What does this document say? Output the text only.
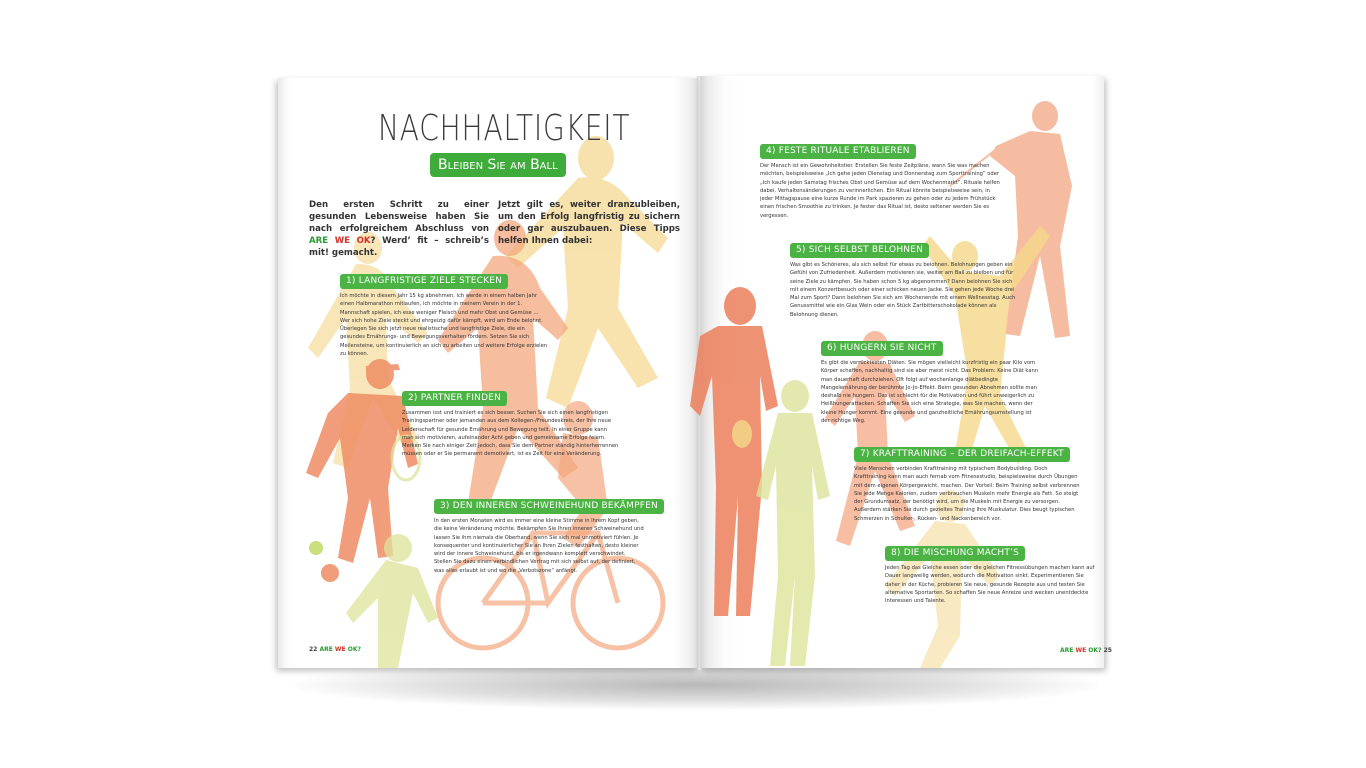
NACHHALTIGKEIT
Bleiben Sie am Ball
Den ersten Schritt zu einer gesunden Lebensweise haben Sie nach erfolgreichem Abschluss von ARE WE OK? Werd’ fit – schreib’s mit! gemacht.
Jetzt gilt es, weiter dranzubleiben, um den Erfolg langfristig zu sichern oder gar auszubauen. Diese Tipps helfen Ihnen dabei:
1) LANGFRISTIGE ZIELE STECKEN
Ich möchte in diesem Jahr 15 kg abnehmen, ich werde in einem halben Jahr einen Halbmarathon mitlaufen, ich möchte in meinem Verein in der 1. Mannschaft spielen, ich esse weniger Fleisch und mehr Obst und Gemüse … Wer sich hohe Ziele steckt und ehrgeizig dafür kämpft, wird am Ende belohnt. Überlegen Sie sich jetzt neue realistische und langfristige Ziele, die ein gesundes Ernährungs- und Bewegungsverhalten fördern. Setzen Sie sich Meilensteine, um kontinuierlich an sich zu arbeiten und weitere Erfolge erzielen zu können.
2) PARTNER FINDEN
Zusammen isst und trainiert es sich besser. Suchen Sie sich einen langfristigen Trainingspartner oder jemanden aus dem Kollegen-/Freundeskreis, der Ihre neue Leidenschaft für gesunde Ernährung und Bewegung teilt. In einer Gruppe kann man sich motivieren, aufeinander Acht geben und gemeinsame Erfolge feiern. Merken Sie nach einiger Zeit jedoch, dass Sie dem Partner ständig hinterherrennen müssen oder er Sie permanent demotiviert, ist es Zeit für eine Veränderung.
3) DEN INNEREN SCHWEINEHUND BEKÄMPFEN
In den ersten Monaten wird es immer eine kleine Stimme in Ihrem Kopf geben, die keine Veränderung möchte. Bekämpfen Sie Ihren inneren Schweinehund und lassen Sie ihm niemals die Oberhand, wenn Sie sich mal unmotiviert fühlen. Je konsequenter und kontinuierlicher Sie an Ihren Zielen festhalten, desto kleiner wird der innere Schweinehund, bis er irgendwann komplett verschwindet. Stellen Sie dazu einen verbindlichen Vertrag mit sich selbst auf, der definiert, was alles erlaubt ist und wo die „Verbotszone“ anfängt.
22 ARE WE OK?
4) FESTE RITUALE ETABLIEREN
Der Mensch ist ein Gewohnheitstier. Erstellen Sie feste Zeitpläne, wann Sie was machen möchten, beispielsweise „Ich gehe jeden Dienstag und Donnerstag zum Sporttraining“ oder „Ich kaufe jeden Samstag frisches Obst und Gemüse auf dem Wochenmarkt“. Rituale helfen dabei, Verhaltensänderungen zu verinnerlichen. Ein Ritual könnte beispielsweise sein, in jeder Mittagspause eine kurze Runde im Park spazieren zu gehen oder zu jedem Frühstück einen frischen Smoothie zu trinken. Je fester das Ritual ist, desto seltener werden Sie es vergessen.
5) SICH SELBST BELOHNEN
Was gibt es Schöneres, als sich selbst für etwas zu belohnen. Belohnungen geben ein Gefühl von Zufriedenheit. Außerdem motivieren sie, weiter am Ball zu bleiben und für seine Ziele zu kämpfen. Sie haben schon 5 kg abgenommen? Dann belohnen Sie sich mit einem Konzertbesuch oder einer schicken neuen Jacke. Sie gehen jede Woche drei Mal zum Sport? Dann belohnen Sie sich am Wochenende mit einem Wellnesstag. Auch Genussmittel wie ein Glas Wein oder ein Stück Zartbitterschokolade können als Belohnung dienen.
6) HUNGERN SIE NICHT
Es gibt die verrücktesten Diäten. Sie mögen vielleicht kurzfristig ein paar Kilo vom Körper schaffen, nachhaltig sind sie aber meist nicht. Das Problem: Keine Diät kann man dauerhaft durchziehen. Oft folgt auf wochenlange diätbedingte Mangelernährung der berühmte Jo-Jo-Effekt. Beim gesunden Abnehmen sollte man deshalb nie hungern. Das ist schlecht für die Motivation und führt unweigerlich zu Heißhungerattacken. Schaffen Sie sich eine Strategie, was Sie machen, wenn der kleine Hunger kommt. Eine gesunde und ganzheitliche Ernährungsumstellung ist der richtige Weg.
7) KRAFTTRAINING – DER DREIFACH-EFFEKT
Viele Menschen verbinden Krafttraining mit typischem Bodybuilding. Doch Krafttraining kann man auch fernab vom Fitnessstudio, beispielsweise durch Übungen mit dem eigenen Körpergewicht, machen. Der Vorteil: Beim Training selbst verbrennen Sie jede Menge Kalorien, zudem verbrauchen Muskeln mehr Energie als Fett. So steigt der Grundumsatz, der benötigt wird, um die Muskeln mit Energie zu versorgen. Außerdem stärken Sie durch gezieltes Training Ihre Muskulatur. Dies beugt typischen Schmerzen in Schulter-, Rücken- und Nackenbereich vor.
8) DIE MISCHUNG MACHT’S
Jeden Tag das Gleiche essen oder die gleichen Fitnessübungen machen kann auf Dauer langweilig werden, wodurch die Motivation sinkt. Experimentieren Sie daher in der Küche, probieren Sie neue, gesunde Rezepte aus und testen Sie alternative Sportarten. So schaffen Sie neue Anreize und wecken unentdeckte Interessen und Talente.
ARE WE OK? 25
